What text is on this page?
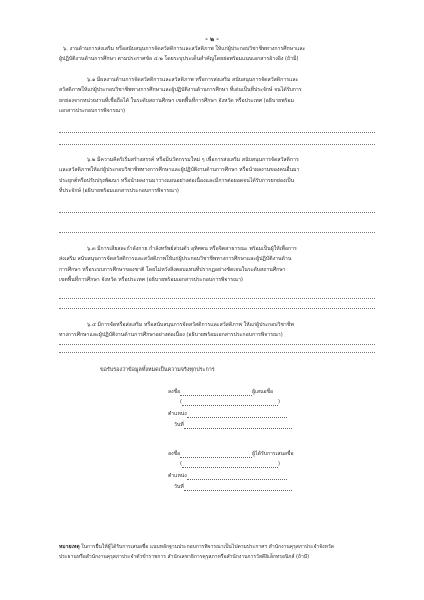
- ๒ -
๖. งานด้านการส่งเสริม หรือสนับสนุนการจัดสวัสดิการและสวัสดิภาพ ให้แก่ผู้ประกอบวิชาชีพทางการศึกษาและ
ผู้ปฏิบัติงานด้านการศึกษา ตามประกาศข้อ ๔.๒ โดยระบุประเด็นสำคัญโดยย่อพร้อมแนบเอกสารอ้างอิง (ถ้ามี)
๖.๑ มีผลงานด้านการจัดสวัสดิการและสวัสดิภาพ หรือการส่งเสริม สนับสนุนการจัดสวัสดิการและ
สวัสดิภาพให้แก่ผู้ประกอบวิชาชีพทางการศึกษาและผู้ปฏิบัติงานด้านการศึกษา ที่เด่นเป็นที่ประจักษ์ จนได้รับการ
ยกย่องจากหน่วยงานที่เชื่อถือได้ ในระดับสถานศึกษา เขตพื้นที่การศึกษา จังหวัด หรือประเทศ (อธิบายพร้อม
เอกสารประกอบการพิจารณา)
๖.๒ มีความคิดริเริ่มสร้างสรรค์ หรือมีนวัตกรรมใหม่ ๆ เพื่อการส่งเสริม สนับสนุนการจัดสวัสดิการ
และสวัสดิภาพให้แก่ผู้ประกอบวิชาชีพทางการศึกษาและผู้ปฏิบัติงานด้านการศึกษา หรือนำผลงานของคนอื่นมา
ประยุกต์หรือปรับปรุงพัฒนา หรือนำผลงานมาวางแผนอย่างต่อเนื่องและมีการต่อยอดจนได้รับการยกย่องเป็น
ที่ประจักษ์ (อธิบายพร้อมเอกสารประกอบการพิจารณา)
๖.๓ มีการเสียสละกำลังกาย กำลังทรัพย์ส่วนตัว อุทิศตน หรือจิตสาธารณะ พร้อมเป็นผู้ให้เพื่อการ
ส่งเสริม สนับสนุนการจัดสวัสดิการและสวัสดิภาพให้แก่ผู้ประกอบวิชาชีพทางการศึกษาและผู้ปฏิบัติงานด้าน
การศึกษา หรือระบบการศึกษาของชาติ โดยไม่หวังสิ่งตอบแทนที่ปรากฏอย่างชัดเจนในระดับสถานศึกษา
เขตพื้นที่การศึกษา จังหวัด หรือประเทศ (อธิบายพร้อมเอกสารประกอบการพิจารณา)
๖.๔ มีการจัดหรือส่งเสริม หรือสนับสนุนการจัดสวัสดิการและสวัสดิภาพ ให้แก่ผู้ประกอบวิชาชีพ
ทางการศึกษาและผู้ปฏิบัติงานด้านการศึกษาอย่างต่อเนื่อง (อธิบายพร้อมเอกสารประกอบการพิจารณา)
ขอรับรองว่าข้อมูลทั้งหมดเป็นความจริงทุกประการ
ลงชื่อ	ผู้เสนอชื่อ
(	)
ตำแหน่ง
วันที่
ลงชื่อ	ผู้ได้รับการเสนอชื่อ
(	)
ตำแหน่ง
วันที่
หมายเหตุ ในการยื่นให้ผู้ได้รับการเสนอชื่อ แนบหลักฐานประกอบการพิจารณาเป็นไปตามประกาศฯ สำนักงานคุรุสภาประจำจังหวัด
ประธานหรือสำนักงานคุรุสภาประจำตัวข้าราชการ สำนักเลขาธิการคุรุสภาหรือสำนักงานการวัสดีอิเล็กทรอนิกส์ (ถ้ามี)
